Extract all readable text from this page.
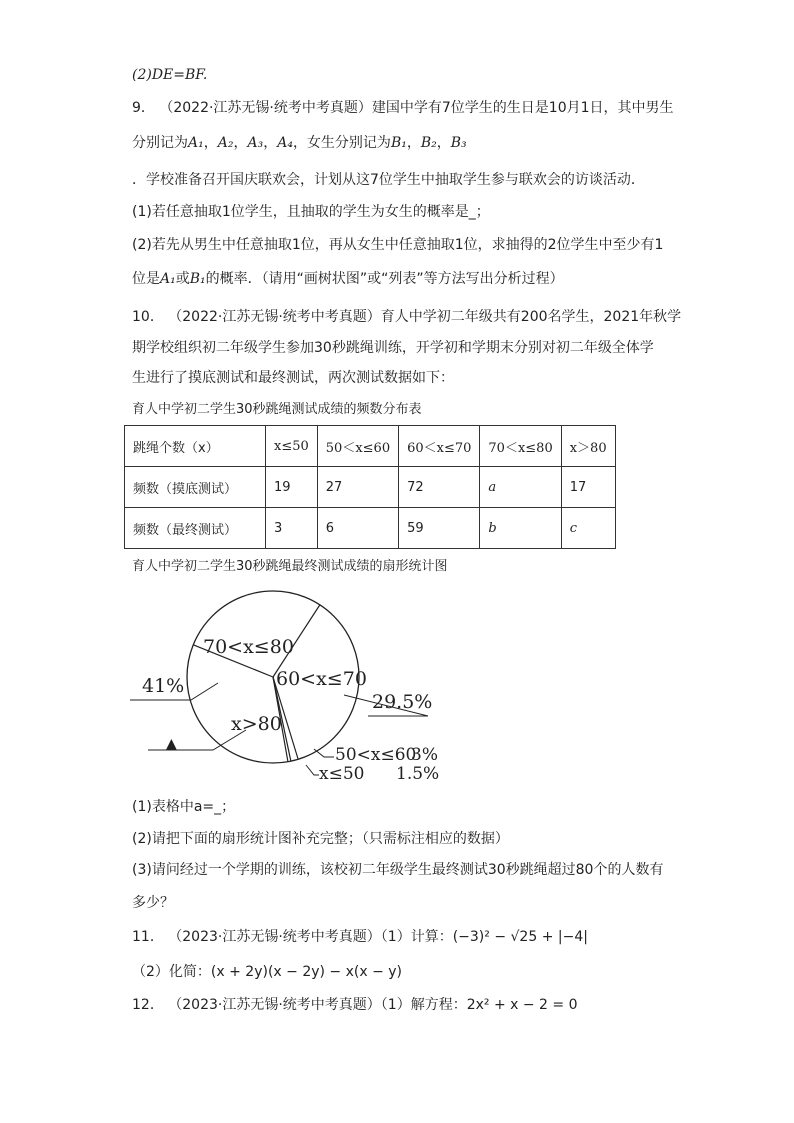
(2)DE=BF.
9． （2022·江苏无锡·统考中考真题）建国中学有7位学生的生日是10月1日，其中男生
分别记为A₁，A₂，A₃，A₄，女生分别记为B₁，B₂，B₃
．学校准备召开国庆联欢会，计划从这7位学生中抽取学生参与联欢会的访谈活动．
(1)若任意抽取1位学生，且抽取的学生为女生的概率是_；
(2)若先从男生中任意抽取1位，再从女生中任意抽取1位，求抽得的2位学生中至少有1
位是A₁或B₁的概率．（请用“画树状图”或“列表”等方法写出分析过程）
10． （2022·江苏无锡·统考中考真题）育人中学初二年级共有200名学生，2021年秋学
期学校组织初二年级学生参加30秒跳绳训练，开学初和学期末分别对初二年级全体学
生进行了摸底测试和最终测试，两次测试数据如下：
育人中学初二学生30秒跳绳测试成绩的频数分布表
跳绳个数（x）	x≤50	50＜x≤60	60＜x≤70	70＜x≤80	x＞80
频数（摸底测试）	19	27	72	a	17
频数（最终测试）	3	6	59	b	c
育人中学初二学生30秒跳绳最终测试成绩的扇形统计图
70<x≤80
41%	60<x≤70
29.5%
50<x≤60
3%
x≤50 1.5%
x>80
▲
(1)表格中a=_；
(2)请把下面的扇形统计图补充完整；（只需标注相应的数据）
(3)请问经过一个学期的训练，该校初二年级学生最终测试30秒跳绳超过80个的人数有
多少？
11． （2023·江苏无锡·统考中考真题）（1）计算：(−3)² − √25 + |−4|
（2）化简：(x + 2y)(x − 2y) − x(x − y)
12． （2023·江苏无锡·统考中考真题）（1）解方程：2x² + x − 2 = 0
